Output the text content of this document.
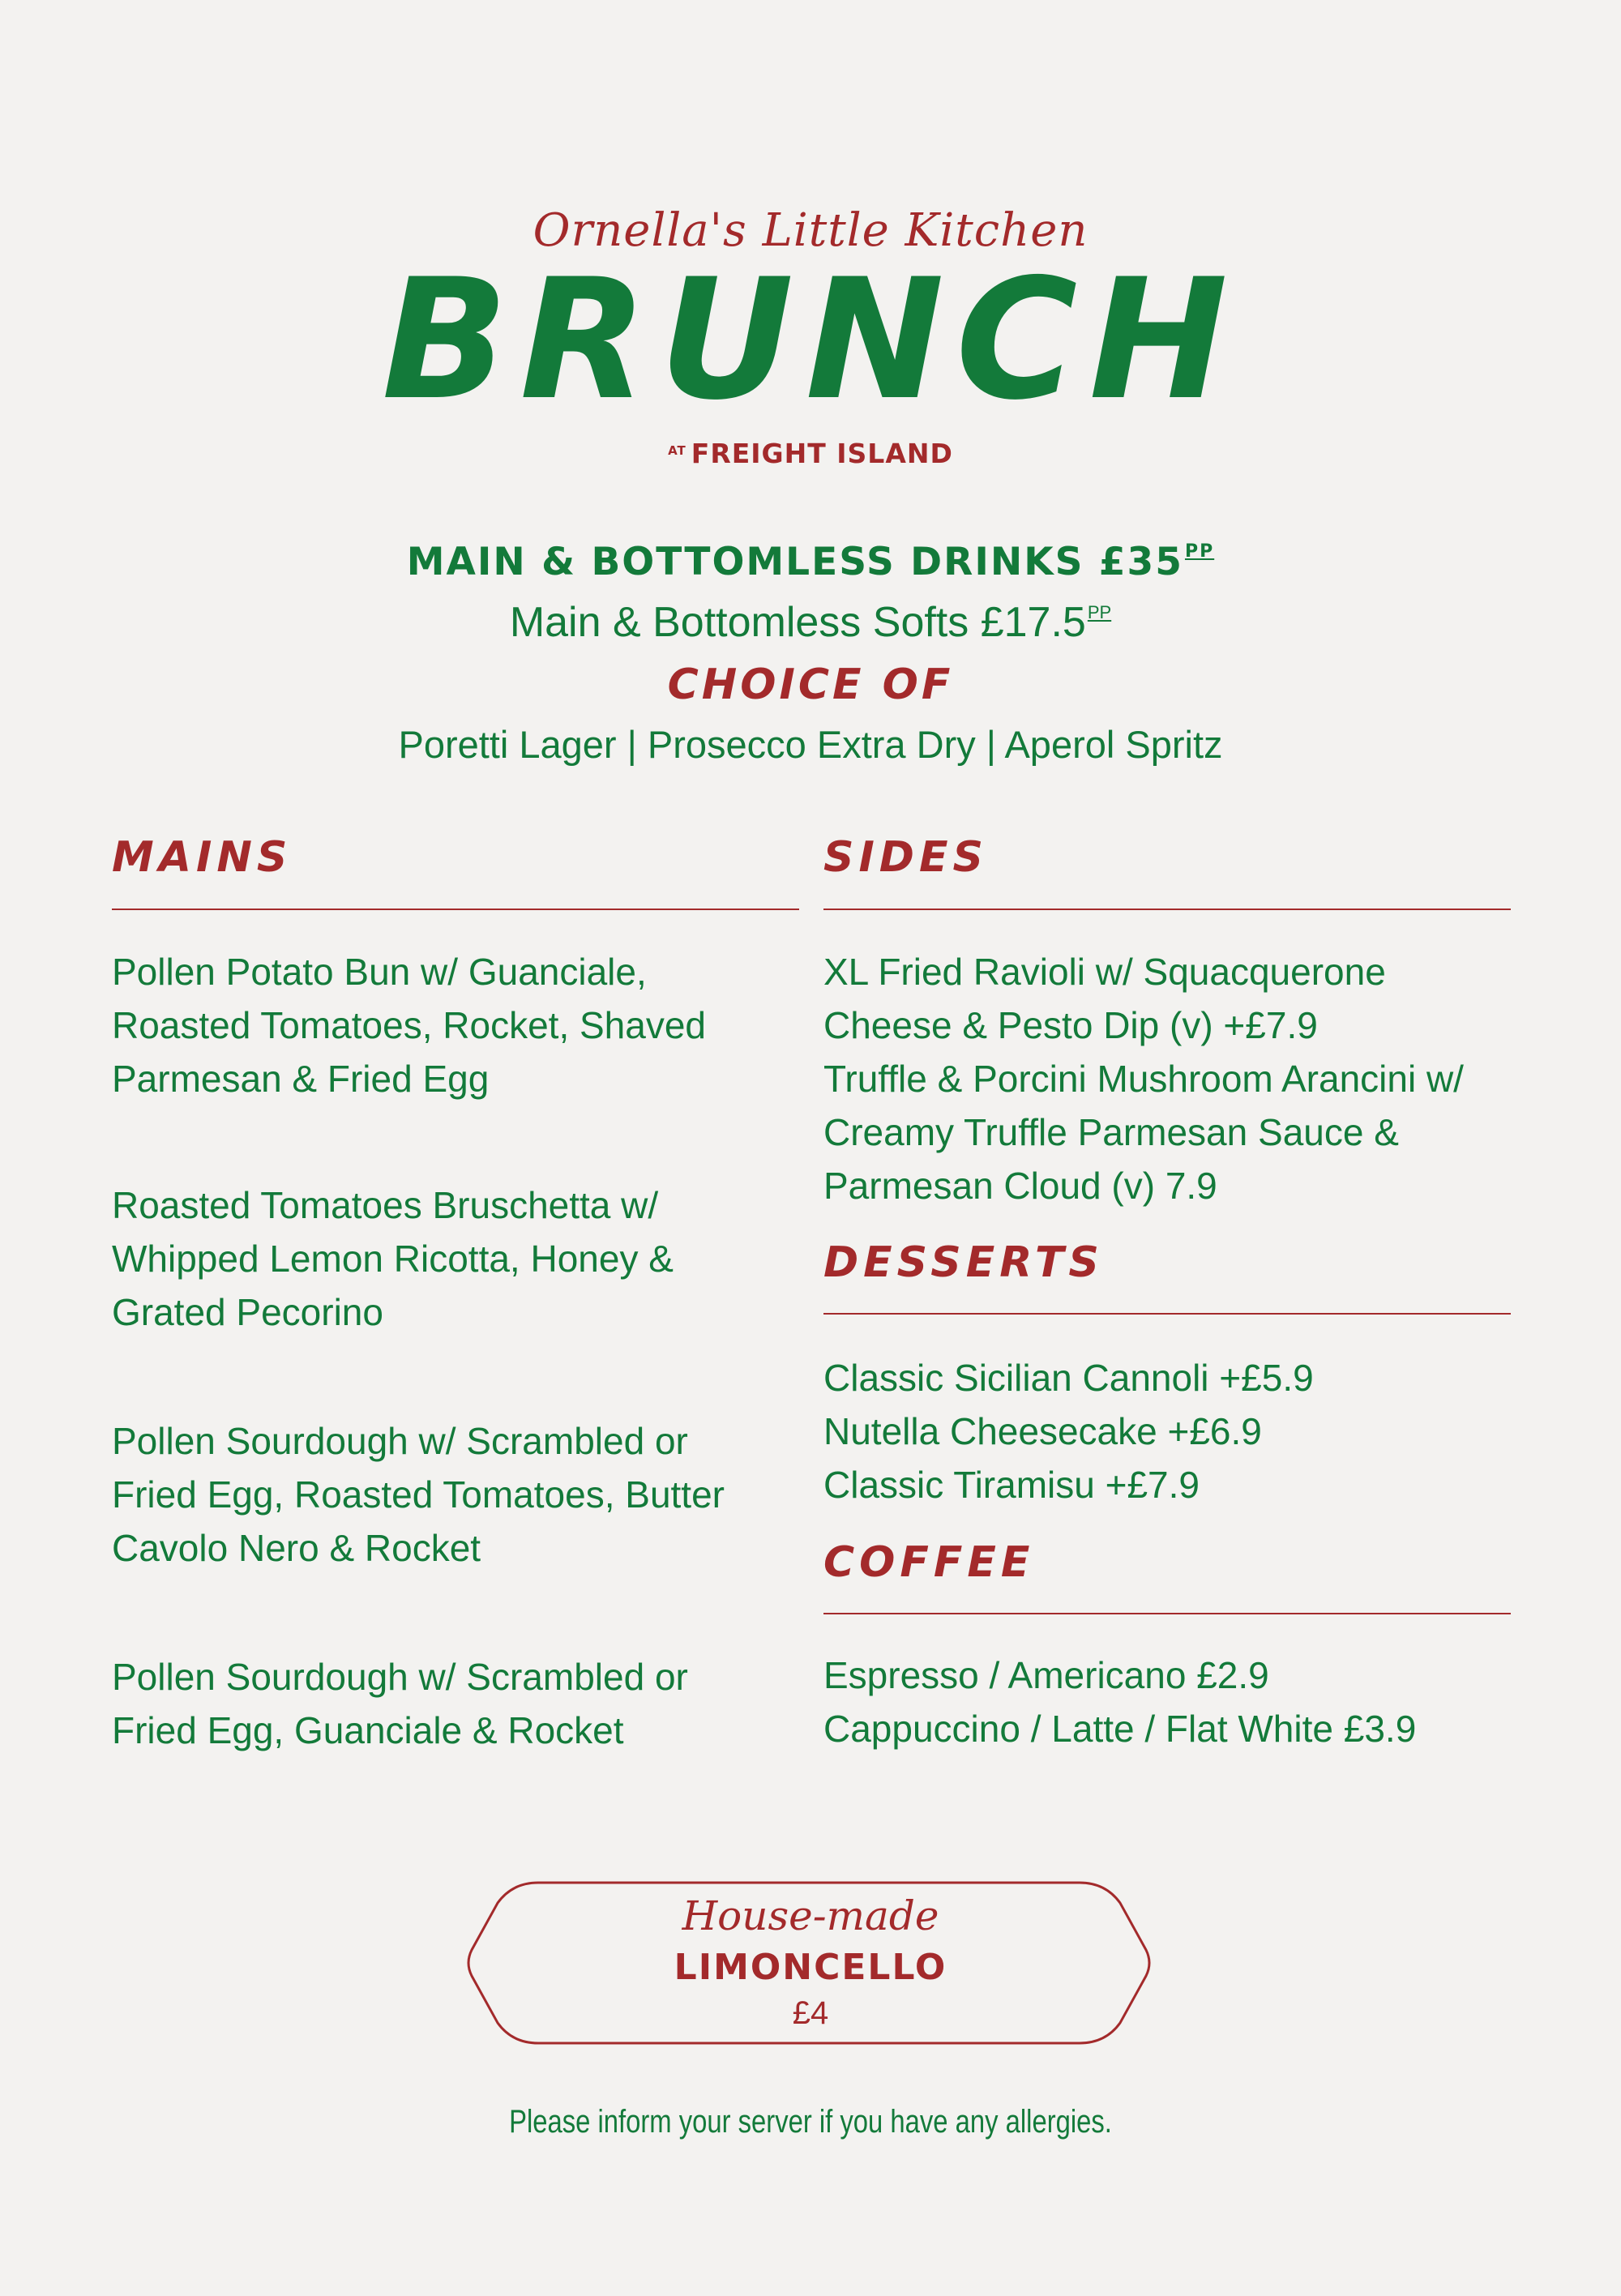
Ornella's Little Kitchen
BRUNCH
$^{AT}$ FREIGHT ISLAND
MAIN & BOTTOMLESS DRINKS $£35^{PP}$
Main & Bottomless Softs $£17.5^{PP}$
CHOICE OF
Poretti Lager | Prosecco Extra Dry | Aperol Spritz
MAINS
Pollen Potato Bun w/ Guanciale,
Roasted Tomatoes, Rocket, Shaved
Parmesan & Fried Egg
Roasted Tomatoes Bruschetta w/
Whipped Lemon Ricotta, Honey &
Grated Pecorino
Pollen Sourdough w/ Scrambled or
Fried Egg, Roasted Tomatoes, Butter
Cavolo Nero & Rocket
Pollen Sourdough w/ Scrambled or
Fried Egg, Guanciale & Rocket
SIDES
XL Fried Ravioli w/ Squacquerone
Cheese & Pesto Dip (v) +£7.9
Truffle & Porcini Mushroom Arancini w/
Creamy Truffle Parmesan Sauce &
Parmesan Cloud (v) 7.9
DESSERTS
Classic Sicilian Cannoli +£5.9
Nutella Cheesecake +£6.9
Classic Tiramisu +£7.9
COFFEE
Espresso / Americano £2.9
Cappuccino / Latte / Flat White £3.9
House-made
LIMONCELLO
£4
Please inform your server if you have any allergies.
